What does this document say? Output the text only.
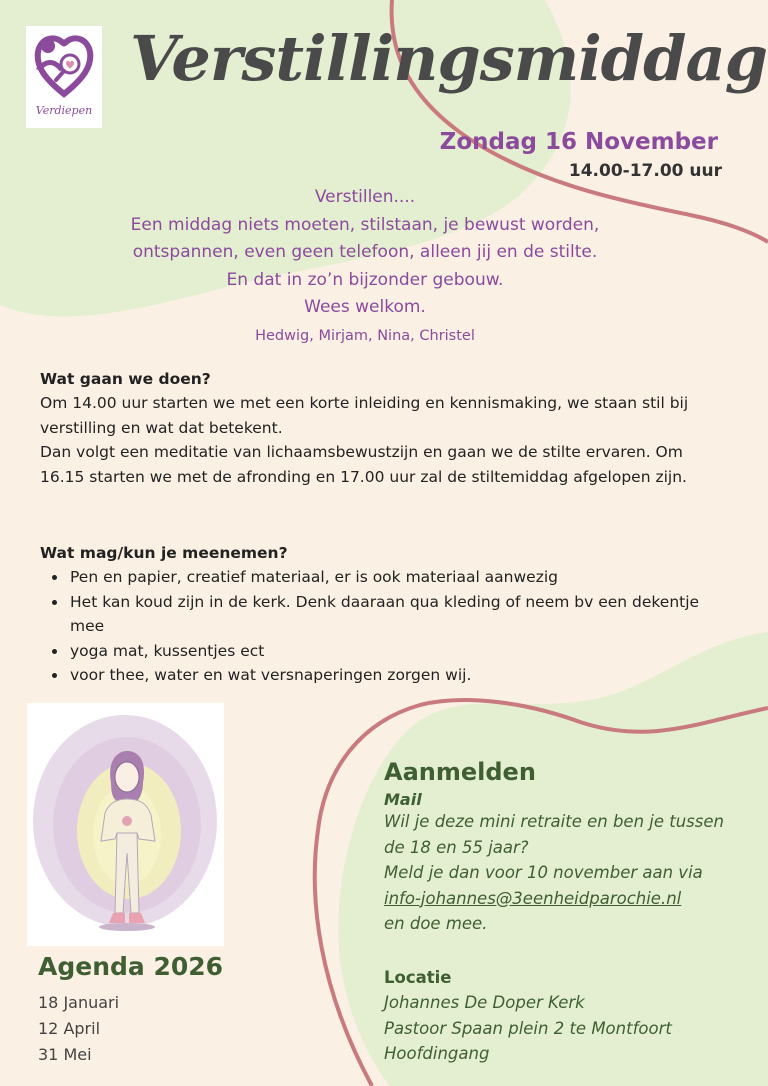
Verdiepen
Verstillingsmiddag
Zondag 16 November
14.00-17.00 uur
Verstillen....
Een middag niets moeten, stilstaan, je bewust worden,
ontspannen, even geen telefoon, alleen jij en de stilte.
En dat in zo’n bijzonder gebouw.
Wees welkom.
Hedwig, Mirjam, Nina, Christel
Wat gaan we doen?

Om 14.00 uur starten we met een korte inleiding en kennismaking, we staan stil bij verstilling en wat dat betekent.

Dan volgt een meditatie van lichaamsbewustzijn en gaan we de stilte ervaren. Om 16.15 starten we met de afronding en 17.00 uur zal de stiltemiddag afgelopen zijn.

Wat mag/kun je meenemen?
• Pen en papier, creatief materiaal, er is ook materiaal aanwezig
• Het kan koud zijn in de kerk. Denk daaraan qua kleding of neem bv een dekentje mee
• yoga mat, kussentjes ect
• voor thee, water en wat versnaperingen zorgen wij.
Agenda 2026
18 Januari
12 April
31 Mei
Aanmelden
Mail
Wil je deze mini retraite en ben je tussen
de 18 en 55 jaar?
Meld je dan voor 10 november aan via
info-johannes@3eenheidparochie.nl
en doe mee.
Locatie
Johannes De Doper Kerk
Pastoor Spaan plein 2 te Montfoort
Hoofdingang
